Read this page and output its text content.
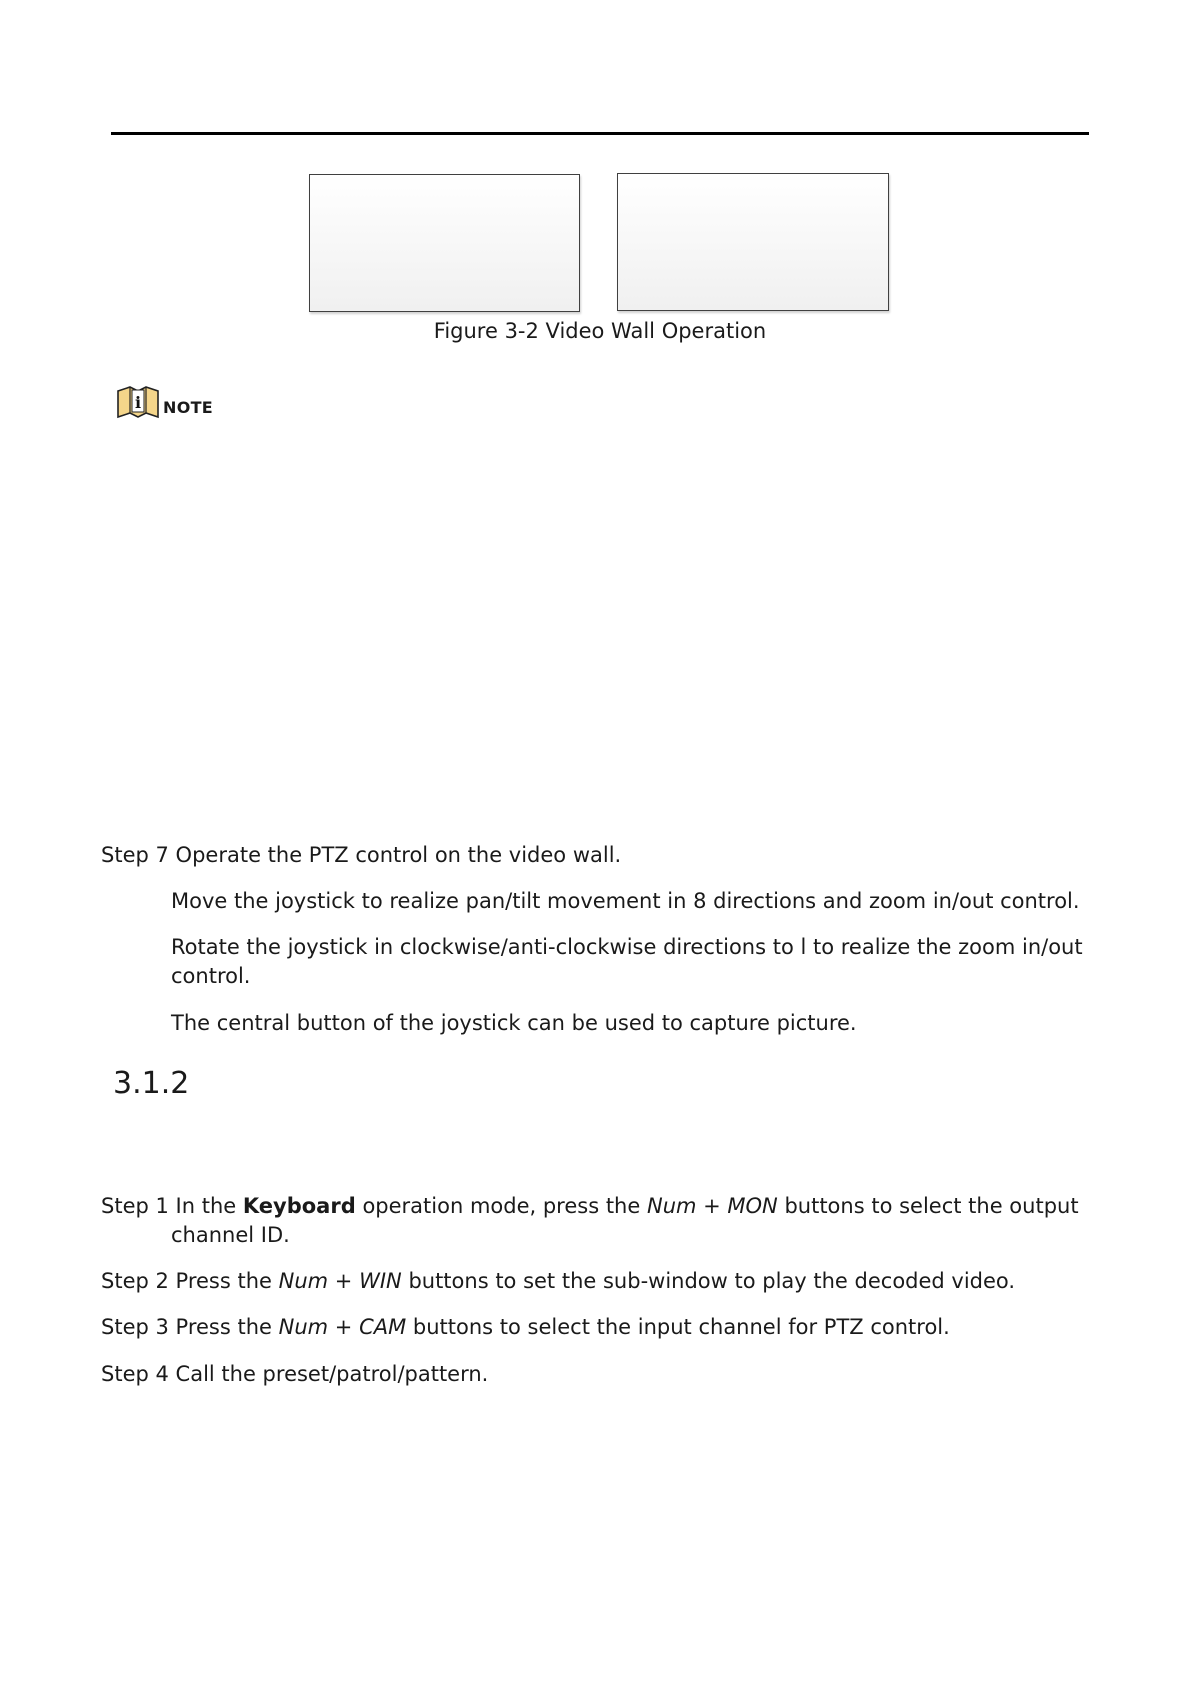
Figure 3-2 Video Wall Operation
i NOTE
Step 7 Operate the PTZ control on the video wall.
Move the joystick to realize pan/tilt movement in 8 directions and zoom in/out control.
Rotate the joystick in clockwise/anti-clockwise directions to l to realize the zoom in/out
control.
The central button of the joystick can be used to capture picture.
3.1.2
Step 1 In the Keyboard operation mode, press the Num + MON buttons to select the output
channel ID.
Step 2 Press the Num + WIN buttons to set the sub-window to play the decoded video.
Step 3 Press the Num + CAM buttons to select the input channel for PTZ control.
Step 4 Call the preset/patrol/pattern.
